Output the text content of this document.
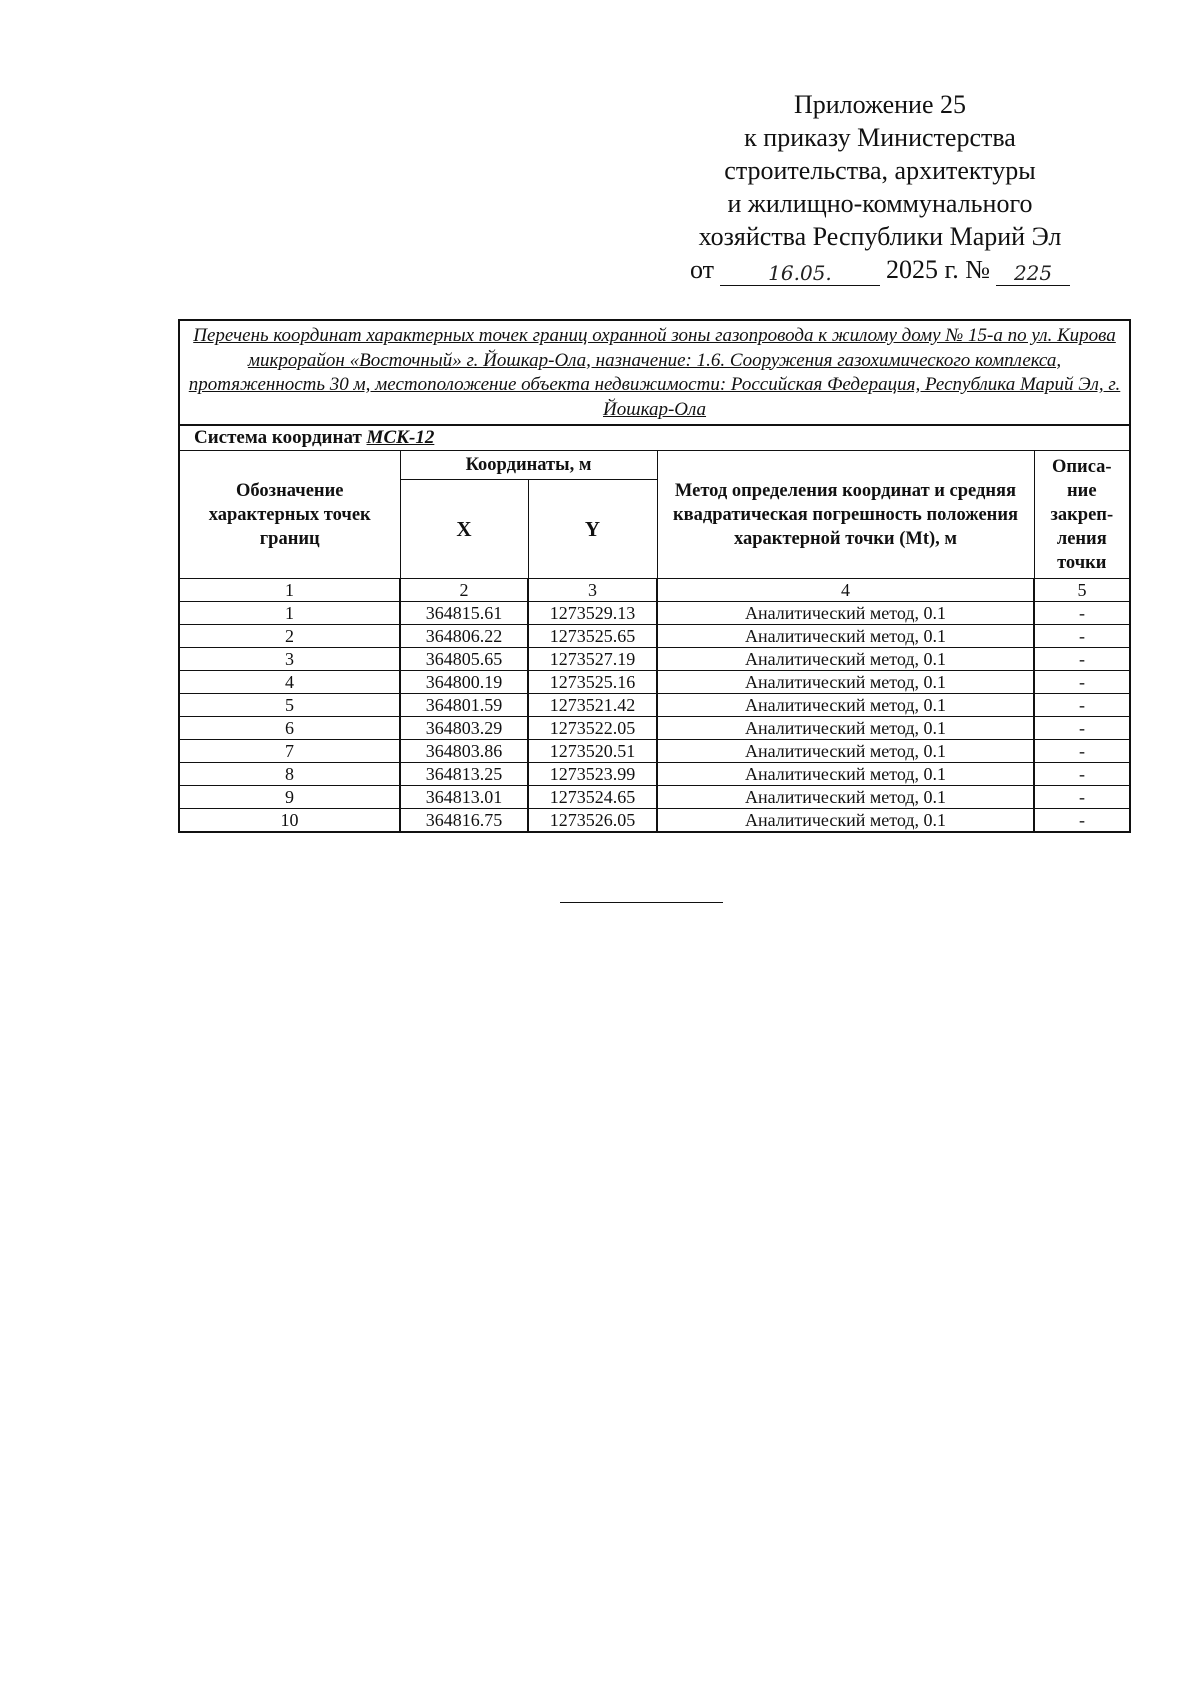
Приложение 25
к приказу Министерства
строительства, архитектуры
и жилищно-коммунального
хозяйства Республики Марий Эл
от	16.05.	2025 г. №	225
Перечень координат характерных точек границ охранной зоны газопровода к жилому дому № 15-а по ул. Кирова микрорайон «Восточный» г. Йошкар-Ола, назначение: 1.6. Сооружения газохимического комплекса, протяженность 30 м, местоположение объекта недвижимости: Российская Федерация, Республика Марий Эл, г. Йошкар-Ола				
Система координат МСК-12				
Обозначение характерных точек границ	Координаты, м		Метод определения координат и средняя квадратическая погрешность положения характерной точки (Mt), м	Описа-ние закреп-ления точки
	X	Y		
1	2	3	4	5
1	364815.61	1273529.13	Аналитический метод, 0.1	-
2	364806.22	1273525.65	Аналитический метод, 0.1	-
3	364805.65	1273527.19	Аналитический метод, 0.1	-
4	364800.19	1273525.16	Аналитический метод, 0.1	-
5	364801.59	1273521.42	Аналитический метод, 0.1	-
6	364803.29	1273522.05	Аналитический метод, 0.1	-
7	364803.86	1273520.51	Аналитический метод, 0.1	-
8	364813.25	1273523.99	Аналитический метод, 0.1	-
9	364813.01	1273524.65	Аналитический метод, 0.1	-
10	364816.75	1273526.05	Аналитический метод, 0.1	-
